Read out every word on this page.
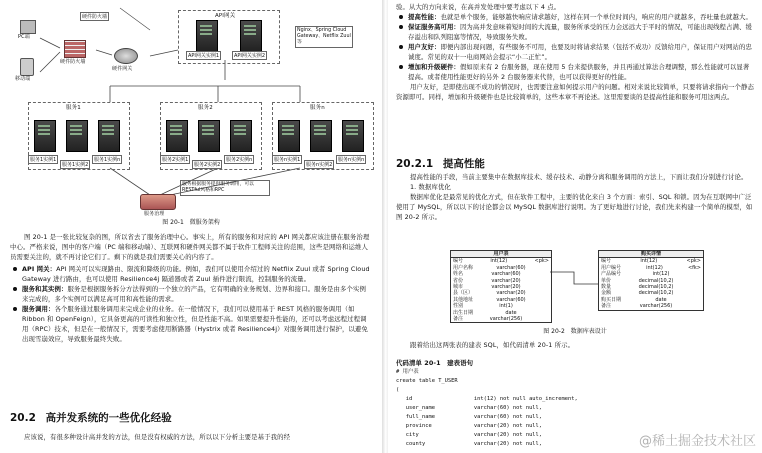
PC端
移动端
硬件防火墙
硬件防火墙
硬件网关
API网关
API网关实例1	API网关实例2
Nginx、Spring Cloud Gateway、Netflix Zuul等
服务1
服务1实例1
服务1实例2
服务1实例n
服务2
服务2实例1
服务2实例2
服务2实例n
服务n
服务n实例1
服务n实例2
服务n实例n
服务治理
服务根据服务提供服务调用，可以RESTful风格和RPC
图 20-1　微服务架构

图 20-1 是一张比较复杂的图，所以省去了服务治理中心。事实上，所有的服务和对应的 API 网关都应该注册在服务治理中心。严格来说，图中的客户端（PC 端和移动端）、互联网和硬件网关都不属于软件工程师关注的范围，这些是网络和运维人员需要关注的，就不再讨论它们了。剩下的就是我们需要关心的内容了。

API 网关：API 网关可以实现路由、限流和降级的功能。例如，我们可以使用介绍过的 Netflix Zuul 或者 Spring Cloud Gateway 进行路由，也可以使用 Resilience4j 隔道器或者 Zuul 插件进行限流，控制服务的流量。

服务和其实例：服务是根据服务拆分方法得到的一个独立的产品，它有明确的业务规划、边界和接口。服务是由多个实例来完成的，多个实例可以满足高可用和高性能的需求。

服务调用：各个服务通过服务调用来完成企业的业务。在一般情况下，我们可以使用基于 REST 风格的服务调用（如 Ribbon 和 OpenFeign），它具备更高的可读性和独立性，但是性能不高。如果需要提升性能的，还可以考虑远程过程调用（RPC）技术，但是在一般情况下，需要考虑使用断路器（Hystrix 或者 Resilience4j）对服务调用进行保护，以避免出现雪崩效应，导致服务最终失败。

20.2 高并发系统的一些优化经验
应该说，有很多种设计高并发的方法，但是没有权威的方法，所以以下分析主要是基于我的经

验。从大的方向来说，在高并发处理中要考虑以下 4 点。

提高性能：也就是单个服务，能够越快响应请求越好，这样在同一个单位时间内，响应的用户就越多，吞吐量也就越大。

保证服务高可用：因为高并发意味着短时间的大流量，服务所承受的压力会远远大于平时的情况，可能出现线程占满、缓存溢出和队列阻塞等情况，导致服务失败。

用户友好：即便内部出现问题，有些服务不可用，也要及时将请求结果（包括不成功）反馈给用户，保证用户对网站的忠诚度。常见的双十一电商网站会提示“小二正忙”。

增加和升级硬件：假如原来有 2 台服务器，现在使用 5 台来提供服务，并且再通过算法合理调整，那么性能就可以显著提高。或者使用性能更好的另外 2 台服务器来代替，也可以获得更好的性能。

用户友好，是即使出现不成功的情况时，也需要注意如何提示用户的问题。相对来说比较简单，只要将请求指向一个静态资源即可。同样，增加和升级硬件也是比较简单的，这些本章不再论述。这里需要谈的是提高性能和服务可用这两点。

20.2.1 提高性能

提高性能的手段，当前主要集中在数据库技术、缓存技术、动静分离和服务调用的方法上，下面让我们分别进行讨论。

1. 数据库优化

数据库优化是最常见的优化方式，但在软件工程中，主要的优化来自 3 个方面：索引、SQL 和锁。因为在互联网中广泛使用了 MySQL，所以以下的讨论都会以 MySQL 数据库进行说明。为了更好地进行讨论，我们先来构建一个简单的模型，如图 20-2 所示。

用户表
编号	int(12)	<pk>
用户名称	varchar(60)
姓名	varchar(60)
省份	varchar(20)
城市	varchar(20)
县（区）	varchar(20)
其他地址	varchar(60)
性别	int(1)
出生日期	date
备注	varchar(256)
购买详情
编号	int(12)	<pk>
用户编号	int(12)	<fk>
产品编号	int(12)
单价	decimal(10,2)
数量	decimal(10,2)
金额	decimal(10,2)
购买日期	date
备注	varchar(256)
图 20-2　数据库表设计
跟着给出这两张表的建表 SQL，如代码清单 20-1 所示。
代码清单 20-1　建表语句
# 用户表
create table T_USER
(
id                   int(12) not null auto_increment,
user_name            varchar(60) not null,
full_name            varchar(60) not null,
province             varchar(20) not null,
city                 varchar(20) not null,
county               varchar(20) not null,	@稀土掘金技术社区
